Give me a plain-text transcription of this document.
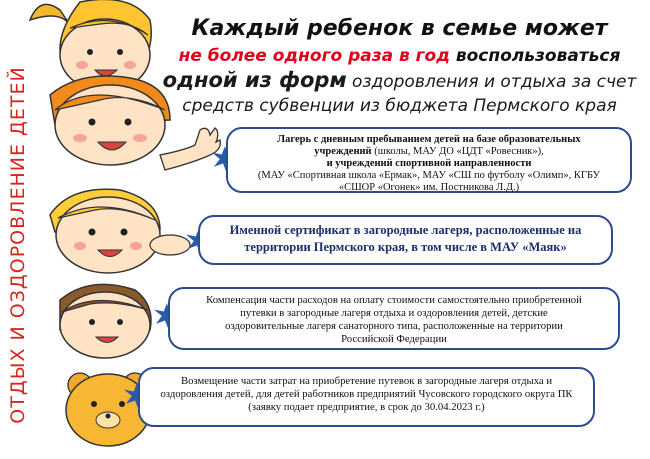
ОТДЫХ И ОЗДОРОВЛЕНИЕ ДЕТЕЙ
Каждый ребенок в семье может
не более одного раза в год воспользоваться
одной из форм оздоровления и отдыха за счет
средств субвенции из бюджета Пермского края
Лагерь с дневным пребыванием детей на базе образовательных
учреждений (школы, МАУ ДО «ЦДТ «Ровесник»),
и учреждений спортивной направленности
(МАУ «Спортивная школа «Ермак», МАУ «СШ по футболу «Олимп», КГБУ
«СШОР «Огонек» им. Постникова Л.Д.)
Именной сертификат в загородные лагеря, расположенные на
территории Пермского края, в том числе в МАУ «Маяк»
Компенсация части расходов на оплату стоимости самостоятельно приобретенной
путевки в загородные лагеря отдыха и оздоровления детей, детские
оздоровительные лагеря санаторного типа, расположенные на территории
Российской Федерации
Возмещение части затрат на приобретение путевок в загородные лагеря отдыха и
оздоровления детей, для детей работников предприятий Чусовского городского округа ПК
(заявку подает предприятие, в срок до 30.04.2023 г.)
